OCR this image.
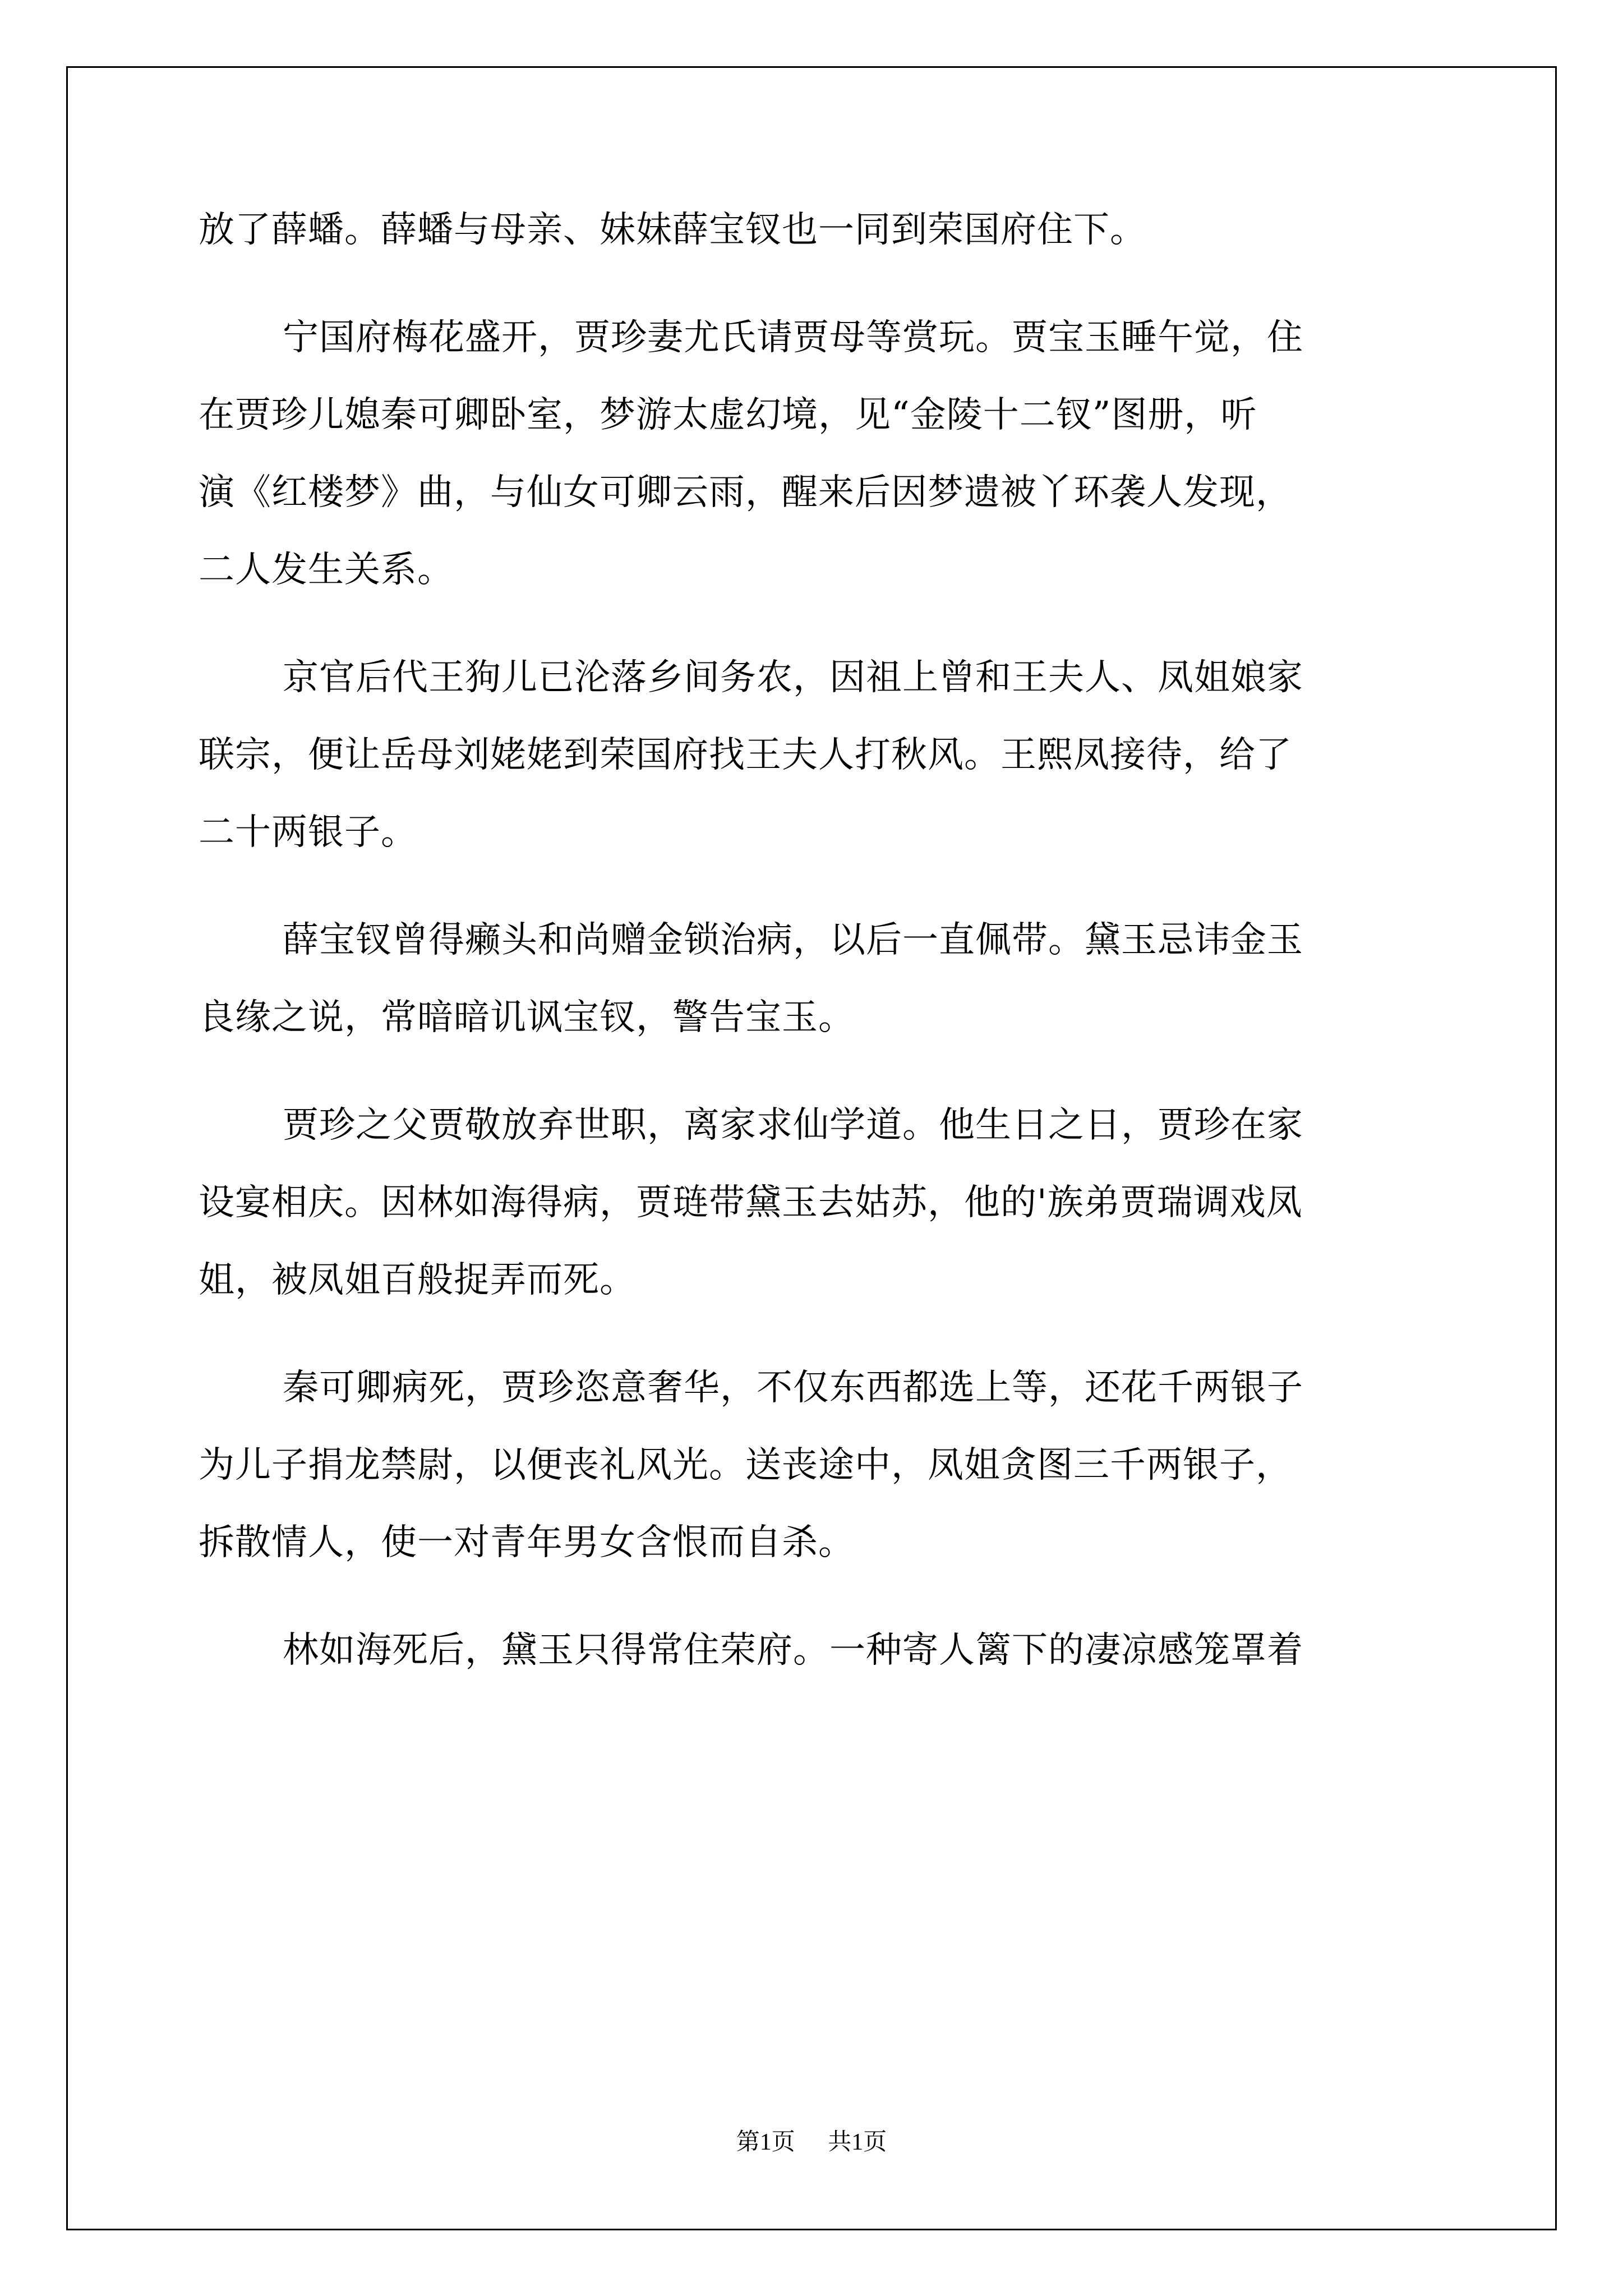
放了薛蟠。薛蟠与母亲、妹妹薛宝钗也一同到荣国府住下。
宁国府梅花盛开，贾珍妻尤氏请贾母等赏玩。贾宝玉睡午觉，住
在贾珍儿媳秦可卿卧室，梦游太虚幻境，见“金陵十二钗”图册，听
演《红楼梦》曲，与仙女可卿云雨，醒来后因梦遗被丫环袭人发现，
二人发生关系。
京官后代王狗儿已沦落乡间务农，因祖上曾和王夫人、凤姐娘家
联宗，便让岳母刘姥姥到荣国府找王夫人打秋风。王熙凤接待，给了
二十两银子。
薛宝钗曾得癞头和尚赠金锁治病，以后一直佩带。黛玉忌讳金玉
良缘之说，常暗暗讥讽宝钗，警告宝玉。
贾珍之父贾敬放弃世职，离家求仙学道。他生日之日，贾珍在家
设宴相庆。因林如海得病，贾琏带黛玉去姑苏，他的'族弟贾瑞调戏凤
姐，被凤姐百般捉弄而死。
秦可卿病死，贾珍恣意奢华，不仅东西都选上等，还花千两银子
为儿子捐龙禁尉，以便丧礼风光。送丧途中，凤姐贪图三千两银子，
拆散情人，使一对青年男女含恨而自杀。
林如海死后，黛玉只得常住荣府。一种寄人篱下的凄凉感笼罩着
第1页 共1页
